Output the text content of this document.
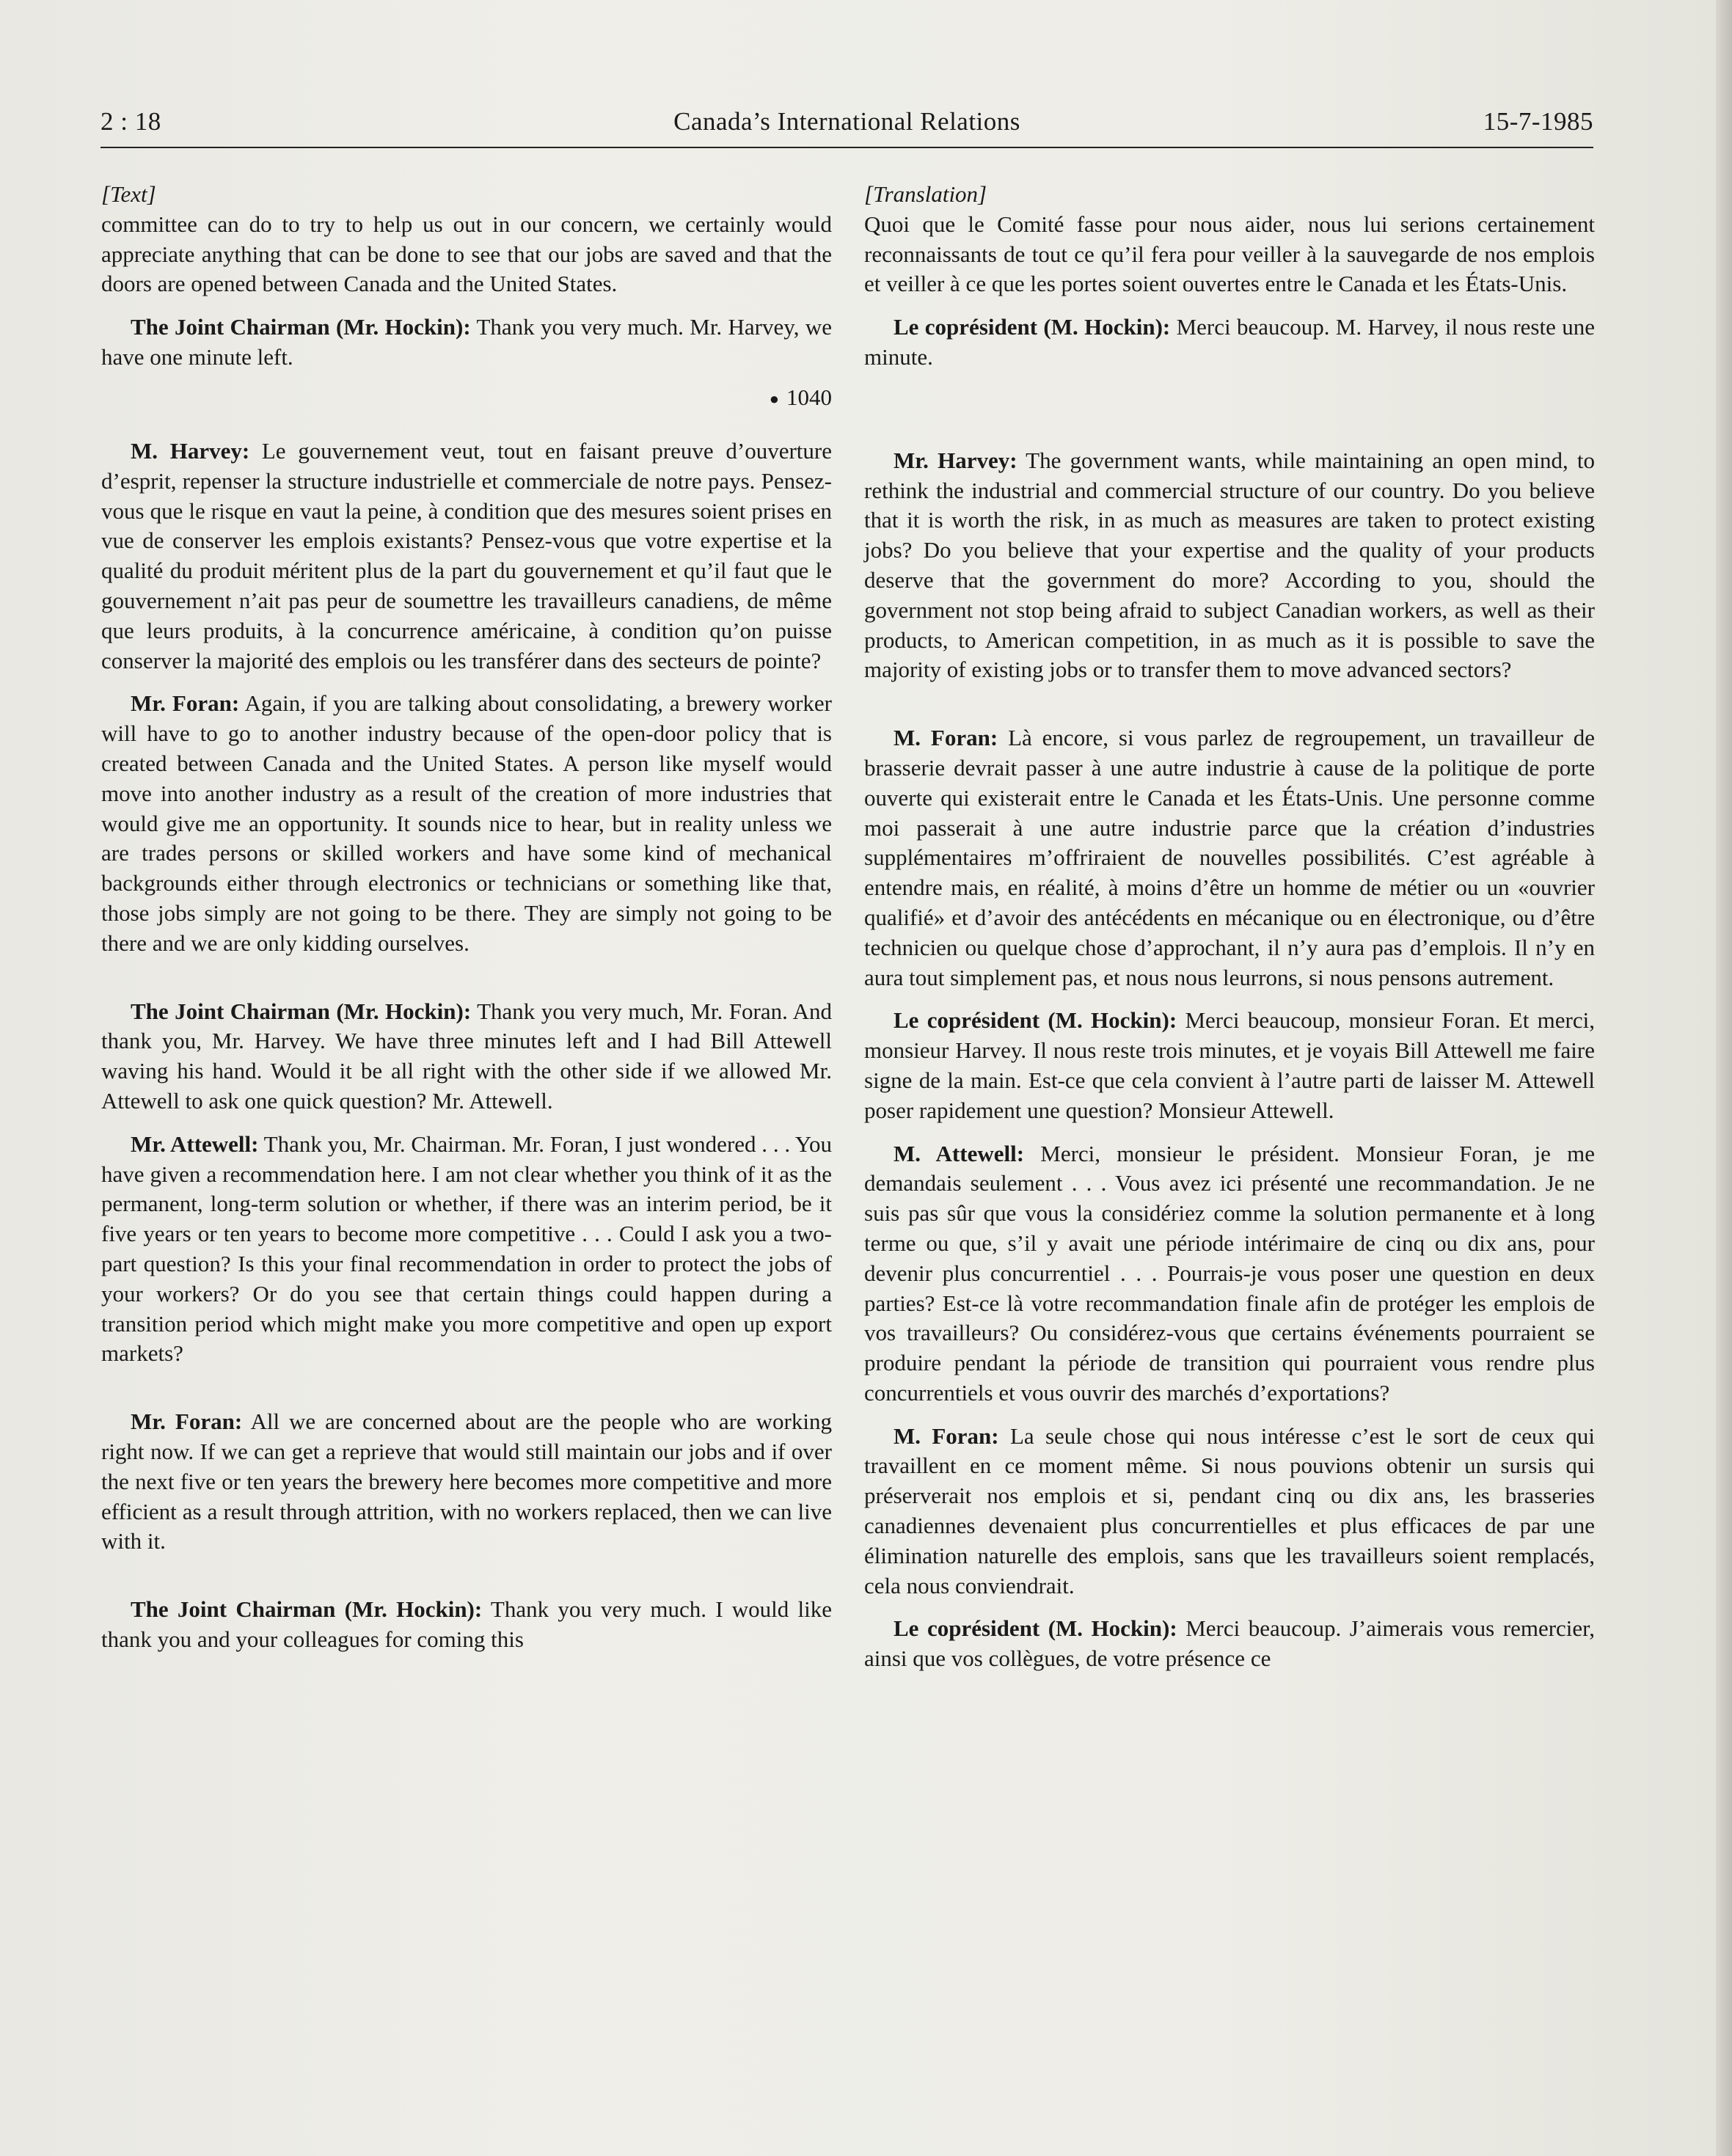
2 : 18	Canada’s International Relations	15-7-1985

[Text]

committee can do to try to help us out in our concern, we certainly would appreciate anything that can be done to see that our jobs are saved and that the doors are opened between Canada and the United States.

The Joint Chairman (Mr. Hockin): Thank you very much. Mr. Harvey, we have one minute left.

● 1040

M. Harvey: Le gouvernement veut, tout en faisant preuve d’ouverture d’esprit, repenser la structure industrielle et commerciale de notre pays. Pensez-vous que le risque en vaut la peine, à condition que des mesures soient prises en vue de conserver les emplois existants? Pensez-vous que votre expertise et la qualité du produit méritent plus de la part du gouvernement et qu’il faut que le gouvernement n’ait pas peur de soumettre les travailleurs canadiens, de même que leurs produits, à la concurrence américaine, à condition qu’on puisse conserver la majorité des emplois ou les transférer dans des secteurs de pointe?

Mr. Foran: Again, if you are talking about consolidating, a brewery worker will have to go to another industry because of the open-door policy that is created between Canada and the United States. A person like myself would move into another industry as a result of the creation of more industries that would give me an opportunity. It sounds nice to hear, but in reality unless we are trades persons or skilled workers and have some kind of mechanical backgrounds either through electronics or technicians or something like that, those jobs simply are not going to be there. They are simply not going to be there and we are only kidding ourselves.

The Joint Chairman (Mr. Hockin): Thank you very much, Mr. Foran. And thank you, Mr. Harvey. We have three minutes left and I had Bill Attewell waving his hand. Would it be all right with the other side if we allowed Mr. Attewell to ask one quick question? Mr. Attewell.

Mr. Attewell: Thank you, Mr. Chairman. Mr. Foran, I just wondered . . . You have given a recommendation here. I am not clear whether you think of it as the permanent, long-term solution or whether, if there was an interim period, be it five years or ten years to become more competitive . . . Could I ask you a two-part question? Is this your final recommendation in order to protect the jobs of your workers? Or do you see that certain things could happen during a transition period which might make you more competitive and open up export markets?

Mr. Foran: All we are concerned about are the people who are working right now. If we can get a reprieve that would still maintain our jobs and if over the next five or ten years the brewery here becomes more competitive and more efficient as a result through attrition, with no workers replaced, then we can live with it.

The Joint Chairman (Mr. Hockin): Thank you very much. I would like thank you and your colleagues for coming this

[Translation]

Quoi que le Comité fasse pour nous aider, nous lui serions certainement reconnaissants de tout ce qu’il fera pour veiller à la sauvegarde de nos emplois et veiller à ce que les portes soient ouvertes entre le Canada et les États-Unis.

Le coprésident (M. Hockin): Merci beaucoup. M. Harvey, il nous reste une minute.

Mr. Harvey: The government wants, while maintaining an open mind, to rethink the industrial and commercial structure of our country. Do you believe that it is worth the risk, in as much as measures are taken to protect existing jobs? Do you believe that your expertise and the quality of your products deserve that the government do more? According to you, should the government not stop being afraid to subject Canadian workers, as well as their products, to American competition, in as much as it is possible to save the majority of existing jobs or to transfer them to move advanced sectors?

M. Foran: Là encore, si vous parlez de regroupement, un travailleur de brasserie devrait passer à une autre industrie à cause de la politique de porte ouverte qui existerait entre le Canada et les États-Unis. Une personne comme moi passerait à une autre industrie parce que la création d’industries supplémentaires m’offriraient de nouvelles possibilités. C’est agréable à entendre mais, en réalité, à moins d’être un homme de métier ou un «ouvrier qualifié» et d’avoir des antécédents en mécanique ou en électronique, ou d’être technicien ou quelque chose d’approchant, il n’y aura pas d’emplois. Il n’y en aura tout simplement pas, et nous nous leurrons, si nous pensons autrement.

Le coprésident (M. Hockin): Merci beaucoup, monsieur Foran. Et merci, monsieur Harvey. Il nous reste trois minutes, et je voyais Bill Attewell me faire signe de la main. Est-ce que cela convient à l’autre parti de laisser M. Attewell poser rapidement une question? Monsieur Attewell.

M. Attewell: Merci, monsieur le président. Monsieur Foran, je me demandais seulement . . . Vous avez ici présenté une recommandation. Je ne suis pas sûr que vous la considériez comme la solution permanente et à long terme ou que, s’il y avait une période intérimaire de cinq ou dix ans, pour devenir plus concurrentiel . . . Pourrais-je vous poser une question en deux parties? Est-ce là votre recommandation finale afin de protéger les emplois de vos travailleurs? Ou considérez-vous que certains événements pourraient se produire pendant la période de transition qui pourraient vous rendre plus concurrentiels et vous ouvrir des marchés d’exportations?

M. Foran: La seule chose qui nous intéresse c’est le sort de ceux qui travaillent en ce moment même. Si nous pouvions obtenir un sursis qui préserverait nos emplois et si, pendant cinq ou dix ans, les brasseries canadiennes devenaient plus concurrentielles et plus efficaces de par une élimination naturelle des emplois, sans que les travailleurs soient remplacés, cela nous conviendrait.

Le coprésident (M. Hockin): Merci beaucoup. J’aimerais vous remercier, ainsi que vos collègues, de votre présence ce
